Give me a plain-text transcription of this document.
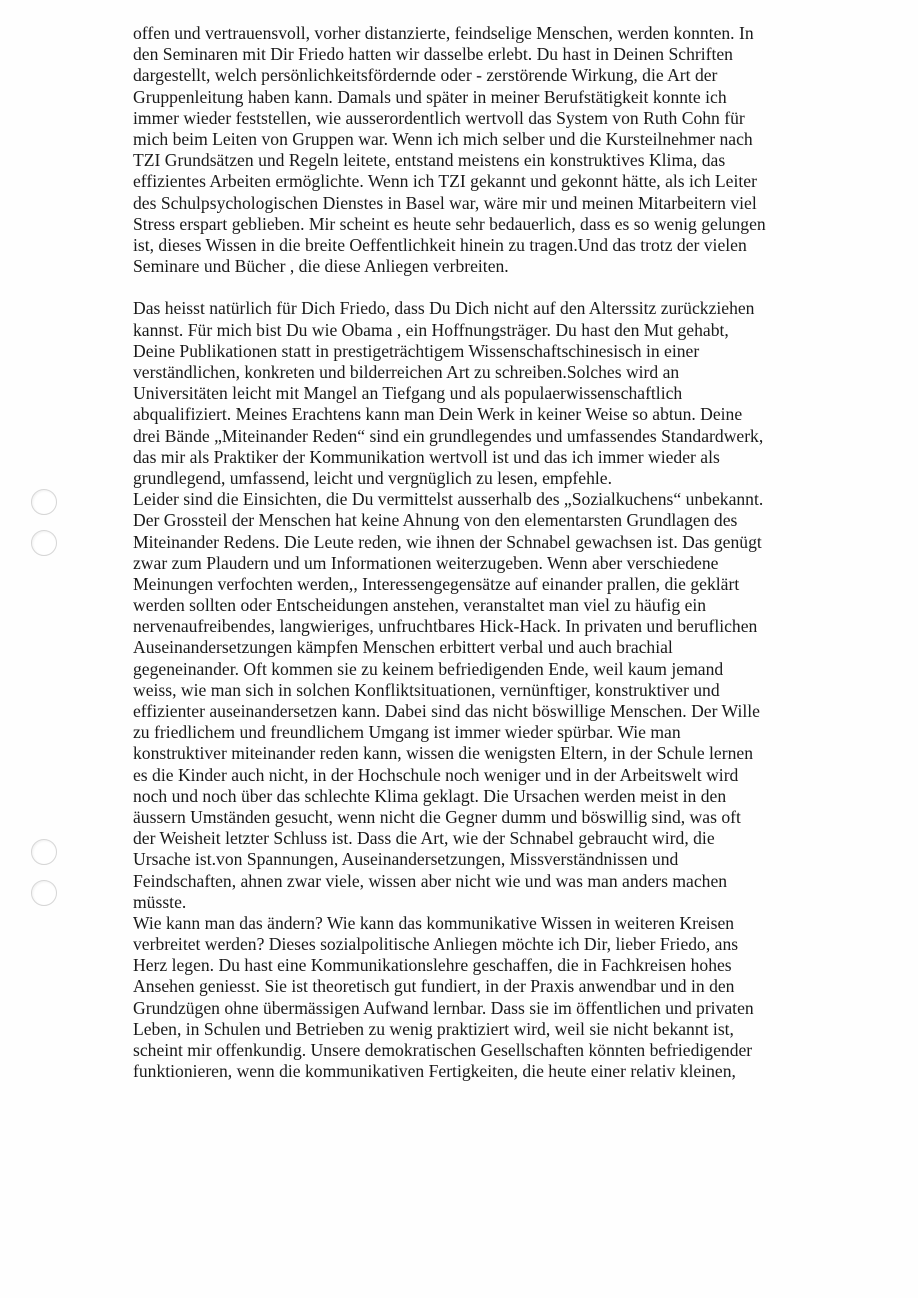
offen und vertrauensvoll, vorher distanzierte, feindselige Menschen, werden konnten. In
den Seminaren mit Dir Friedo hatten wir dasselbe erlebt. Du hast in Deinen Schriften
dargestellt, welch persönlichkeitsfördernde oder - zerstörende Wirkung, die Art der
Gruppenleitung haben kann. Damals und später in meiner Berufstätigkeit konnte ich
immer wieder feststellen, wie ausserordentlich wertvoll das System von Ruth Cohn für
mich beim Leiten von Gruppen war. Wenn ich mich selber und die Kursteilnehmer nach
TZI Grundsätzen und Regeln leitete, entstand meistens ein konstruktives Klima, das
effizientes Arbeiten ermöglichte. Wenn ich TZI gekannt und gekonnt hätte, als ich Leiter
des Schulpsychologischen Dienstes in Basel war, wäre mir und meinen Mitarbeitern viel
Stress erspart geblieben. Mir scheint es heute sehr bedauerlich, dass es so wenig gelungen
ist, dieses Wissen in die breite Oeffentlichkeit hinein zu tragen.Und das trotz der vielen
Seminare und Bücher , die diese Anliegen verbreiten.
Das heisst natürlich für Dich Friedo, dass Du Dich nicht auf den Alterssitz zurückziehen
kannst. Für mich bist Du wie Obama , ein Hoffnungsträger. Du hast den Mut gehabt,
Deine Publikationen statt in prestigeträchtigem Wissenschaftschinesisch in einer
verständlichen, konkreten und bilderreichen Art zu schreiben.Solches wird an
Universitäten leicht mit Mangel an Tiefgang und als populaerwissenschaftlich
abqualifiziert. Meines Erachtens kann man Dein Werk in keiner Weise so abtun. Deine
drei Bände „Miteinander Reden“ sind ein grundlegendes und umfassendes Standardwerk,
das mir als Praktiker der Kommunikation wertvoll ist und das ich immer wieder als
grundlegend, umfassend, leicht und vergnüglich zu lesen, empfehle.
Leider sind die Einsichten, die Du vermittelst ausserhalb des „Sozialkuchens“ unbekannt.
Der Grossteil der Menschen hat keine Ahnung von den elementarsten Grundlagen des
Miteinander Redens. Die Leute reden, wie ihnen der Schnabel gewachsen ist. Das genügt
zwar zum Plaudern und um Informationen weiterzugeben. Wenn aber verschiedene
Meinungen verfochten werden,, Interessengegensätze auf einander prallen, die geklärt
werden sollten oder Entscheidungen anstehen, veranstaltet man viel zu häufig ein
nervenaufreibendes, langwieriges, unfruchtbares Hick-Hack. In privaten und beruflichen
Auseinandersetzungen kämpfen Menschen erbittert verbal und auch brachial
gegeneinander. Oft kommen sie zu keinem befriedigenden Ende, weil kaum jemand
weiss, wie man sich in solchen Konfliktsituationen, vernünftiger, konstruktiver und
effizienter auseinandersetzen kann. Dabei sind das nicht böswillige Menschen. Der Wille
zu friedlichem und freundlichem Umgang ist immer wieder spürbar. Wie man
konstruktiver miteinander reden kann, wissen die wenigsten Eltern, in der Schule lernen
es die Kinder auch nicht, in der Hochschule noch weniger und in der Arbeitswelt wird
noch und noch über das schlechte Klima geklagt. Die Ursachen werden meist in den
äussern Umständen gesucht, wenn nicht die Gegner dumm und böswillig sind, was oft
der Weisheit letzter Schluss ist. Dass die Art, wie der Schnabel gebraucht wird, die
Ursache ist.von Spannungen, Auseinandersetzungen, Missverständnissen und
Feindschaften, ahnen zwar viele, wissen aber nicht wie und was man anders machen
müsste.
Wie kann man das ändern? Wie kann das kommunikative Wissen in weiteren Kreisen
verbreitet werden? Dieses sozialpolitische Anliegen möchte ich Dir, lieber Friedo, ans
Herz legen. Du hast eine Kommunikationslehre geschaffen, die in Fachkreisen hohes
Ansehen geniesst. Sie ist theoretisch gut fundiert, in der Praxis anwendbar und in den
Grundzügen ohne übermässigen Aufwand lernbar. Dass sie im öffentlichen und privaten
Leben, in Schulen und Betrieben zu wenig praktiziert wird, weil sie nicht bekannt ist,
scheint mir offenkundig. Unsere demokratischen Gesellschaften könnten befriedigender
funktionieren, wenn die kommunikativen Fertigkeiten, die heute einer relativ kleinen,
